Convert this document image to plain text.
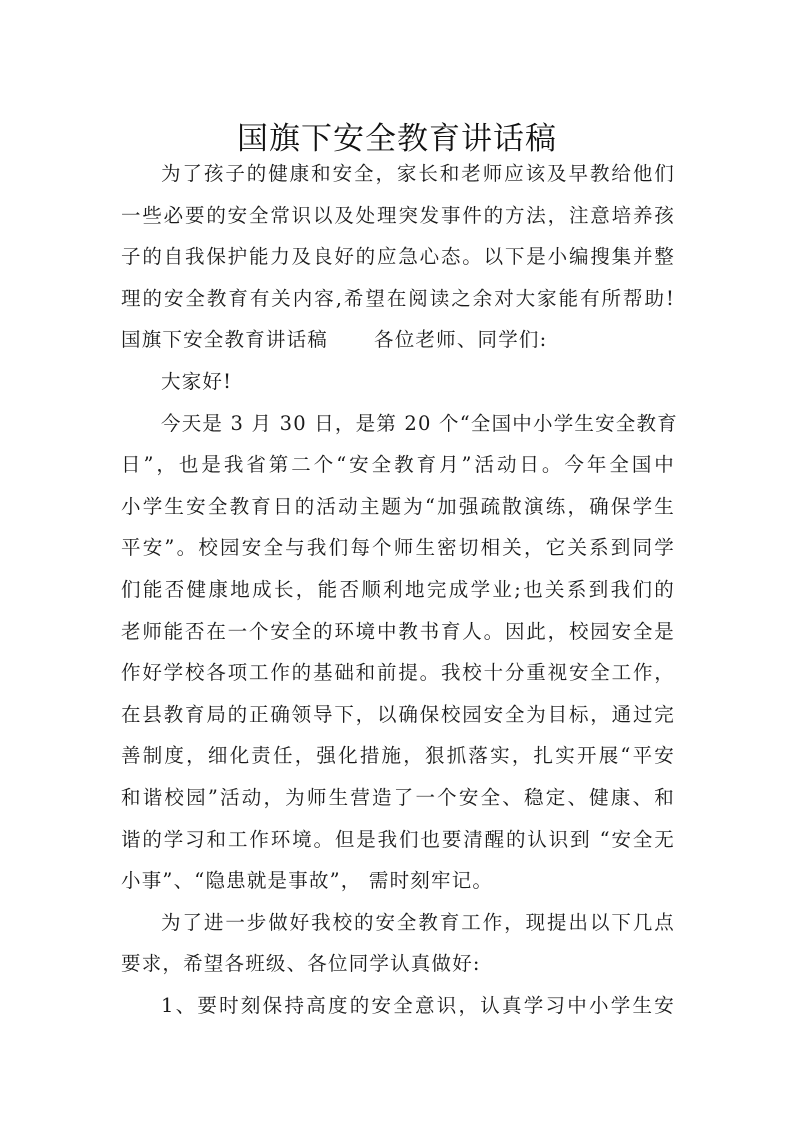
国旗下安全教育讲话稿
为了孩子的健康和安全，家长和老师应该及早教给他们
一些必要的安全常识以及处理突发事件的方法，注意培养孩
子的自我保护能力及良好的应急心态。以下是小编搜集并整
理的安全教育有关内容,希望在阅读之余对大家能有所帮助!
国旗下安全教育讲话稿 各位老师、同学们:
大家好!
今天是 3 月 30 日，是第 20 个“全国中小学生安全教育
日”，也是我省第二个“安全教育月”活动日。今年全国中
小学生安全教育日的活动主题为“加强疏散演练，确保学生
平安”。校园安全与我们每个师生密切相关，它关系到同学
们能否健康地成长，能否顺利地完成学业;也关系到我们的
老师能否在一个安全的环境中教书育人。因此，校园安全是
作好学校各项工作的基础和前提。我校十分重视安全工作，
在县教育局的正确领导下，以确保校园安全为目标，通过完
善制度，细化责任，强化措施，狠抓落实，扎实开展“平安
和谐校园”活动，为师生营造了一个安全、稳定、健康、和
谐的学习和工作环境。但是我们也要清醒的认识到 “安全无
小事”、“隐患就是事故”， 需时刻牢记。
为了进一步做好我校的安全教育工作，现提出以下几点
要求，希望各班级、各位同学认真做好:
1、要时刻保持高度的安全意识，认真学习中小学生安
